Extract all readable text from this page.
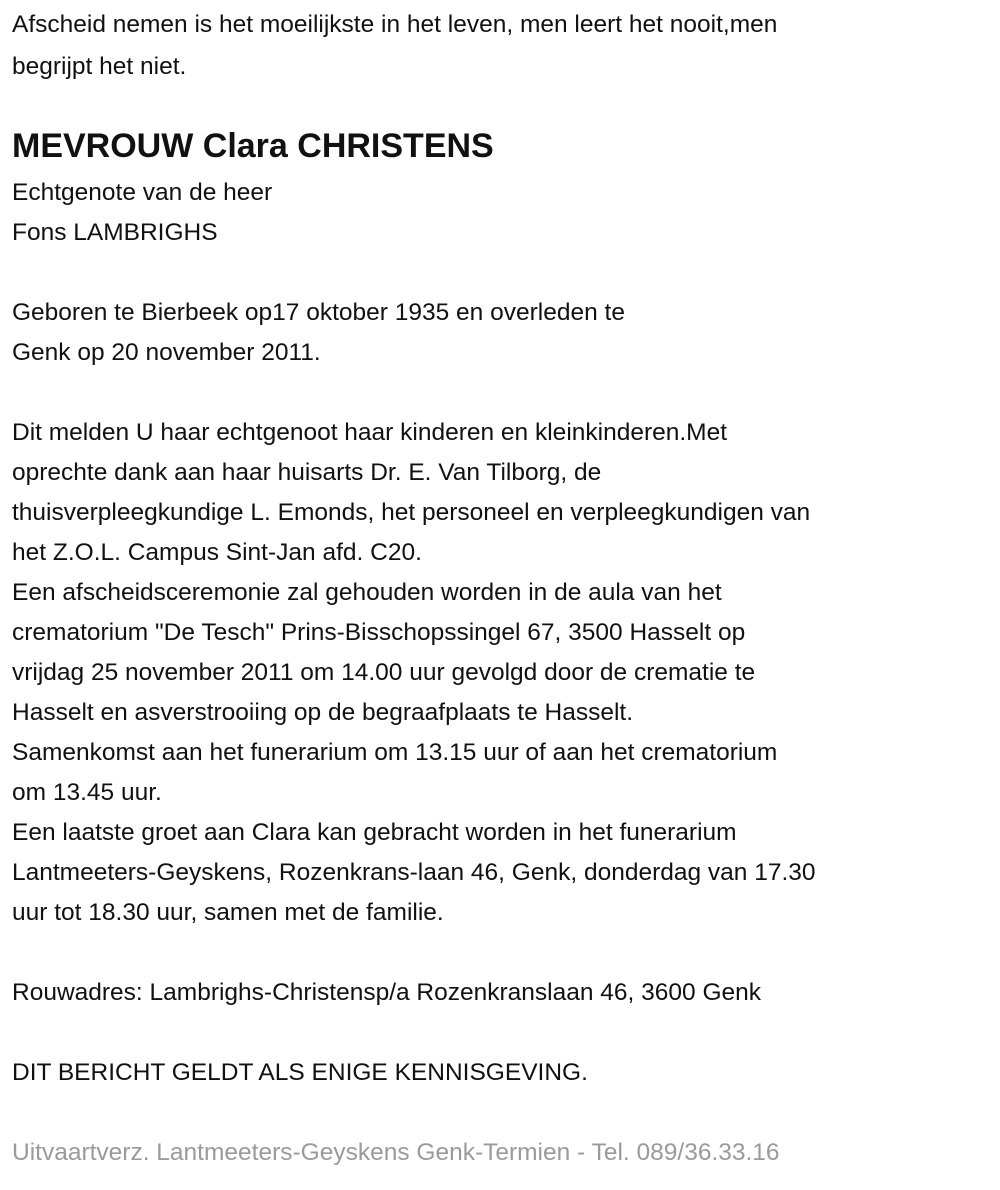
Afscheid nemen is het moeilijkste in het leven, men leert het nooit,men
begrijpt het niet.
MEVROUW Clara CHRISTENS
Echtgenote van de heer
Fons LAMBRIGHS
Geboren te Bierbeek op17 oktober 1935 en overleden te
Genk op 20 november 2011.
Dit melden U haar echtgenoot haar kinderen en kleinkinderen.Met
oprechte dank aan haar huisarts Dr. E. Van Tilborg, de
thuisverpleegkundige L. Emonds, het personeel en verpleegkundigen van
het Z.O.L. Campus Sint-Jan afd. C20.
Een afscheidsceremonie zal gehouden worden in de aula van het
crematorium "De Tesch" Prins-Bisschopssingel 67, 3500 Hasselt op
vrijdag 25 november 2011 om 14.00 uur gevolgd door de crematie te
Hasselt en asverstrooiing op de begraafplaats te Hasselt.
Samenkomst aan het funerarium om 13.15 uur of aan het crematorium
om 13.45 uur.
Een laatste groet aan Clara kan gebracht worden in het funerarium
Lantmeeters-Geyskens, Rozenkrans-laan 46, Genk, donderdag van 17.30
uur tot 18.30 uur, samen met de familie.
Rouwadres: Lambrighs-Christensp/a Rozenkranslaan 46, 3600 Genk
DIT BERICHT GELDT ALS ENIGE KENNISGEVING.
Uitvaartverz. Lantmeeters-Geyskens Genk-Termien - Tel. 089/36.33.16
